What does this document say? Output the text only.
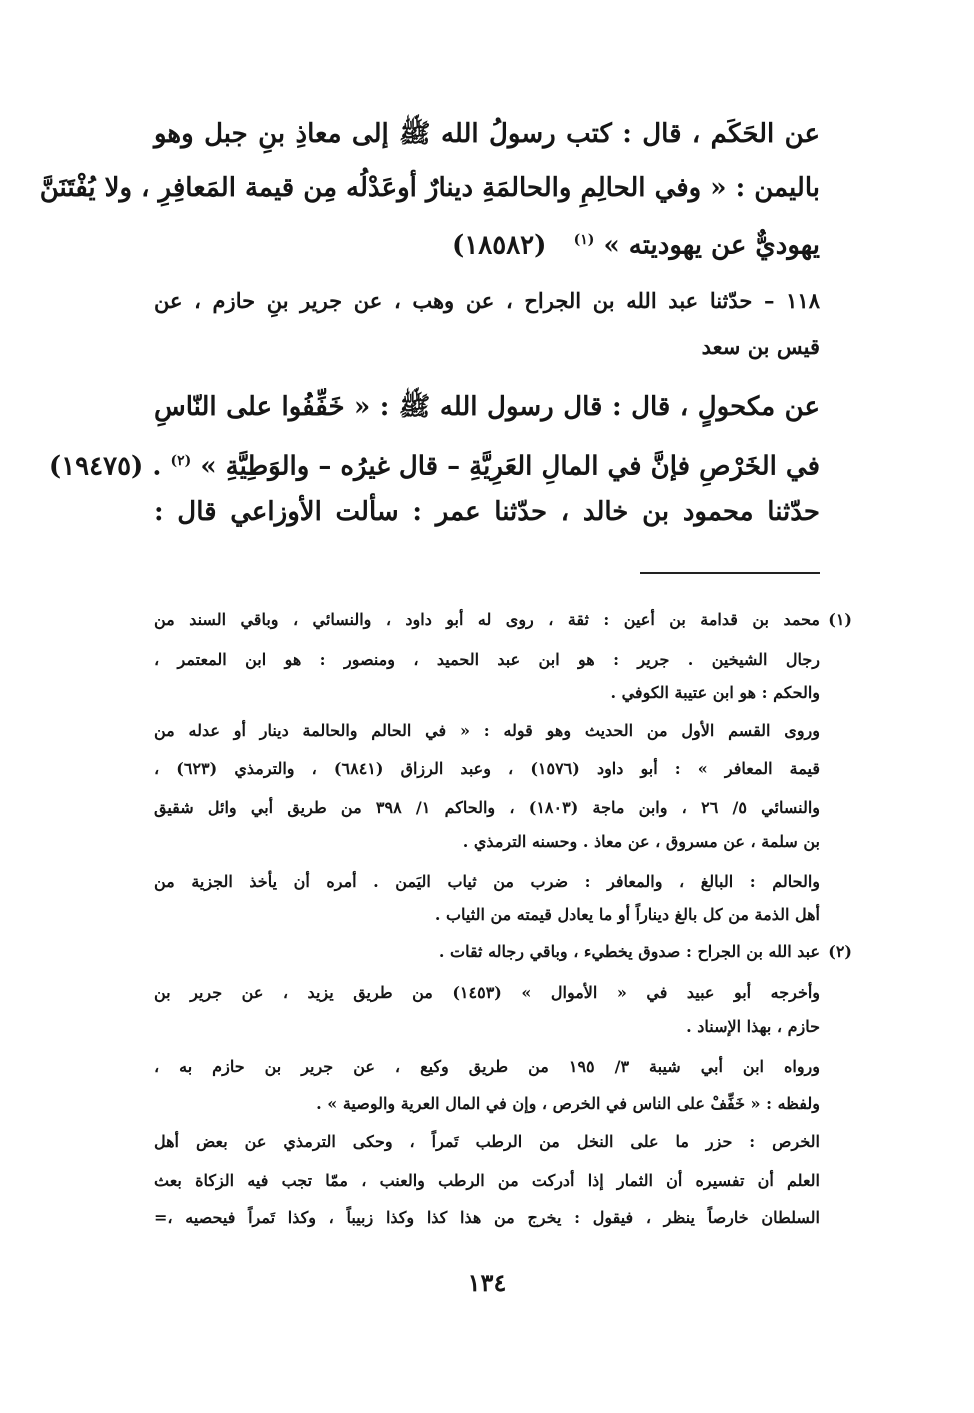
عن الحَكَم ، قال : كتب رسولُ الله ﷺ إلى معاذِ بنِ جبل وهو
باليمن : « وفي الحالِمِ والحالمَةِ دينارٌ أوعَدْلُه مِن قيمة المَعافِرِ ، ولا يُفْتَنَنَّ
يهوديٌّ عن يهوديته » $^{(١)}$   (١٨٥٨٢)
١١٨ – حدّثنا عبد الله بن الجراح ، عن وهب ، عن جرير بنِ حازم ، عن
قيس بن سعد
عن مكحولٍ ، قال : قال رسول الله ﷺ : « خَفِّفُوا على النّاسِ
في الخَرْصِ فإنَّ في المالِ العَرِيَّةِ – قال غيرُه – والوَطِيَّةِ » $^{(٢)}$ . (١٩٤٧٥)
حدّثنا محمود بن خالد ، حدّثنا عمر : سألت الأوزاعي قال :
(١)
محمد بن قدامة بن أعين : ثقة ، روى له أبو داود ، والنسائي ، وباقي السند من
رجال الشيخين . جرير : هو ابن عبد الحميد ، ومنصور : هو ابن المعتمر ،
والحكم : هو ابن عتيبة الكوفي .
وروى القسم الأول من الحديث وهو قوله : « في الحالم والحالمة دينار أو عدله من
قيمة المعافر » : أبو داود (١٥٧٦) ، وعبد الرزاق (٦٨٤١) ، والترمذي (٦٢٣) ،
والنسائي ٥/ ٢٦ ، وابن ماجة (١٨٠٣) ، والحاكم ١/ ٣٩٨ من طريق أبي وائل شقيق
بن سلمة ، عن مسروق ، عن معاذ . وحسنه الترمذي .
والحالم : البالغ ، والمعافر : ضرب من ثياب اليَمن . أمره أن يأخذ الجزية من
أهل الذمة من كل بالغ ديناراً أو ما يعادل قيمته من الثياب .
(٢)
عبد الله بن الجراح : صدوق يخطيء ، وباقي رجاله ثقات .
وأخرجه أبو عبيد في « الأموال » (١٤٥٣) من طريق يزيد ، عن جرير بن
حازم ، بهذا الإسناد .
ورواه ابن أبي شيبة ٣/ ١٩٥ من طريق وكيع ، عن جرير بن حازم به ،
ولفظه : « خَفِّفْ على الناس في الخرص ، وإن في المال العرية والوصية » .
الخرص : حزر ما على النخل من الرطب تَمراً ، وحكى الترمذي عن بعض أهل
العلم أن تفسيره أن الثمار إذا أدركت من الرطب والعنب ، ممّا تجب فيه الزكاة بعث
السلطان خارصاً ينظر ، فيقول : يخرج من هذا كذا وكذا زبيباً ، وكذا تَمراً فيحصيه ،=
١٣٤
